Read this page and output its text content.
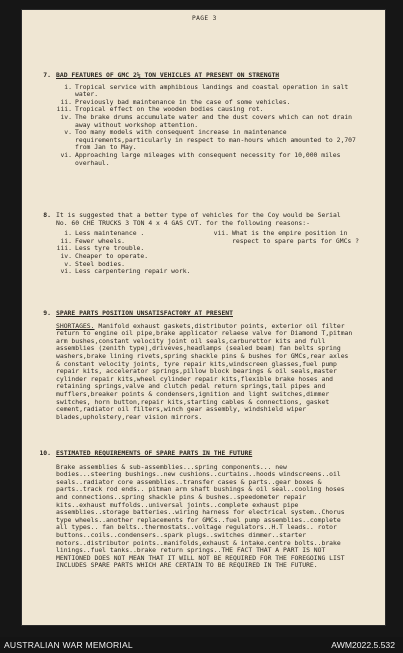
PAGE 3
7. BAD FEATURES OF GMC 2½ TON VEHICLES AT PRESENT ON STRENGTH
i. Tropical service with amphibious landings and coastal operation in salt water.
ii. Previously bad maintenance in the case of some vehicles.
iii. Tropical effect on the wooden bodies causing rot.
iv. The brake drums accumulate water and the dust covers which can not drain away without workshop attention.
v. Too many models with consequent increase in maintenance requirements,particularly in respect to man-hours which amounted to 2,707 from Jan to May.
vi. Approaching large mileages with consequent necessity for 10,000 miles overhaul.
8. It is suggested that a better type of vehicles for the Coy would be Serial No. 60 CHE TRUCKS 3 TON 4 x 4 GAS CVT. for the following reasons:-
i. Less maintenance .
ii. Fewer wheels.
iii. Less tyre trouble.
iv. Cheaper to operate.
v. Steel bodies.
vi. Less carpentering repair work.
vii. What is the empire position in respect to spare parts for GMCs ?
9. SPARE PARTS POSITION UNSATISFACTORY AT PRESENT
SHORTAGES. Manifold exhaust gaskets,distributor points, exterior oil filter return to engine oil pipe,brake applicator relaese valve for Diamond T,pitman arm bushes,constant velocity joint oil seals,carburettor kits and full assemblies (zenith type),driveves,headlamps (sealed beam) fan belts spring washers,brake lining rivets,spring shackle pins & bushes for GMCs,rear axles & constant velocity joints, tyre repair kits,windscreen glasses,fuel pump repair kits, accelerator springs,pillow block bearings & oil seals,master cylinder repair kits,wheel cylinder repair kits,flexible brake hoses and retaining springs,valve and clutch pedal return springs,tail pipes and mufflers,breaker points & condensers,ignition and light switches,dimmer switches, horn button,repair kits,starting cables & connections, gasket cement,radiator oil filters,winch gear assembly, windshield wiper blades,upholstery,rear vision mirrors.
10. ESTIMATED REQUIREMENTS OF SPARE PARTS IN THE FUTURE
Brake assemblies & sub-assemblies...spring components... new bodies...steering bushings..new cushions..curtains..hoods windscreens..oil seals..radiator core assemblies..transfer cases & parts..gear boxes & parts..track rod ends.. pitman arm shaft bushings & oil seal..cooling hoses and connections..spring shackle pins & bushes..speedometer repair kits..exhaust muffolds..universal joints..complete exhaust pipe assemblies..storage batteries..wiring harness for electrical system..Chorus type wheels..another replacements for GMCs..fuel pump assemblies..complete all types.. fan belts..thermostats..voltage regulators..H.T leads.. rotor buttons..coils..condensers..spark plugs..switches dimmer..starter motors..distributor points..manifolds,exhaust & intake.centre bolts..brake linings..fuel tanks..brake return springs..THE FACT THAT A PART IS NOT MENTIONED DOES NOT MEAN THAT IT WILL NOT BE REQUIRED FOR THE FOREGOING LIST INCLUDES SPARE PARTS WHICH ARE CERTAIN TO BE REQUIRED IN THE FUTURE.
AUSTRALIAN WAR MEMORIAL	AWM2022.5.532
